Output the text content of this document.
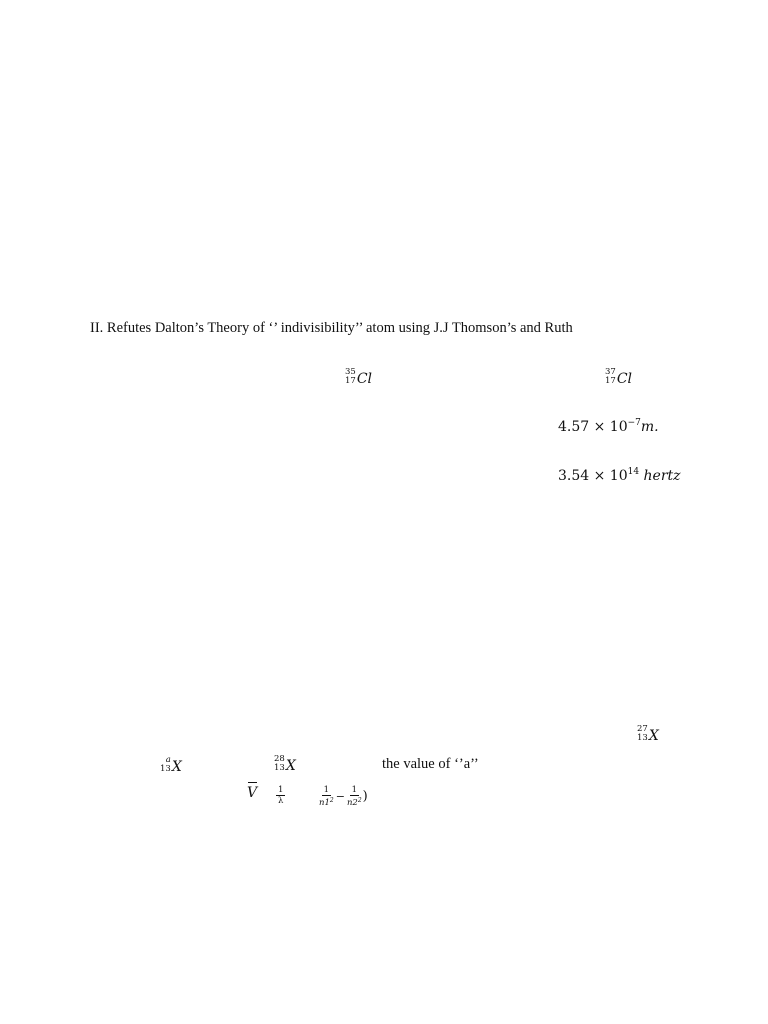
II. Refutes Dalton’s Theory of ‘’ indivisibility’’ atom using J.J Thomson’s and Ruth
35
17 Cl	37
17 Cl
$4.57 \times 10^{-7}m$.
$3.54 \times 10^{14}$ hertz
27
13 X
a
13 X	28
13 X	the value of ‘’a’’
V $\frac{1}{\lambda}$	$\frac{1}{n1^2} - \frac{1}{n2^2}$ )
